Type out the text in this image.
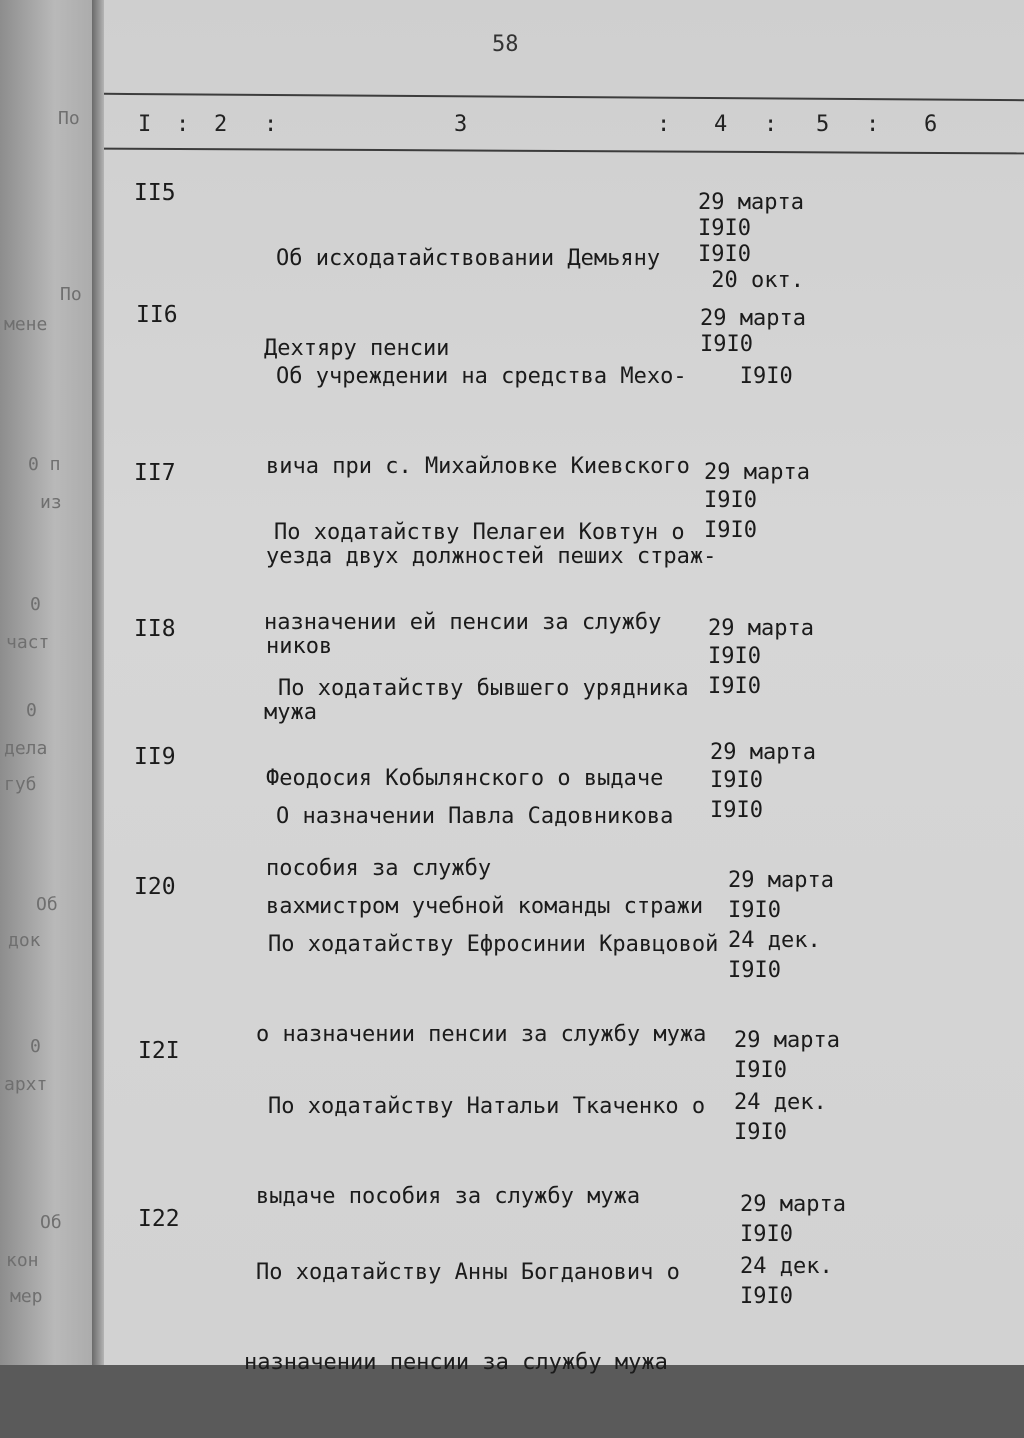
По
По
мене
0 п
из
0
част
0
дела
губ
Об
док
0
архт
Об
кон
мер
58
I : 2 :	3	: 4 : 5 : 6
II5

Об исходатайствовании Демьяну

Дехтяру пенсии

29 марта
I9I0
I9I0
20 окт.
II6

Об учреждении на средства Мехо-

вича при с. Михайловке Киевского

уезда двух должностей пеших страж-

ников

29 марта
I9I0
I9I0
II7

По ходатайству Пелагеи Ковтун о

назначении ей пенсии за службу

мужа

29 марта
I9I0
I9I0
II8

По ходатайству бывшего урядника

Феодосия Кобылянского о выдаче

пособия за службу

29 марта
I9I0
I9I0
II9

О назначении Павла Садовникова

вахмистром учебной команды стражи

29 марта
I9I0
I9I0
I20

По ходатайству Ефросинии Кравцовой

о назначении пенсии за службу мужа

29 марта
I9I0
24 дек.
I9I0
I2I

По ходатайству Натальи Ткаченко о

выдаче пособия за службу мужа

29 марта
I9I0
24 дек.
I9I0
I22

По ходатайству Анны Богданович о

назначении пенсии за службу мужа

29 марта
I9I0
24 дек.
I9I0
